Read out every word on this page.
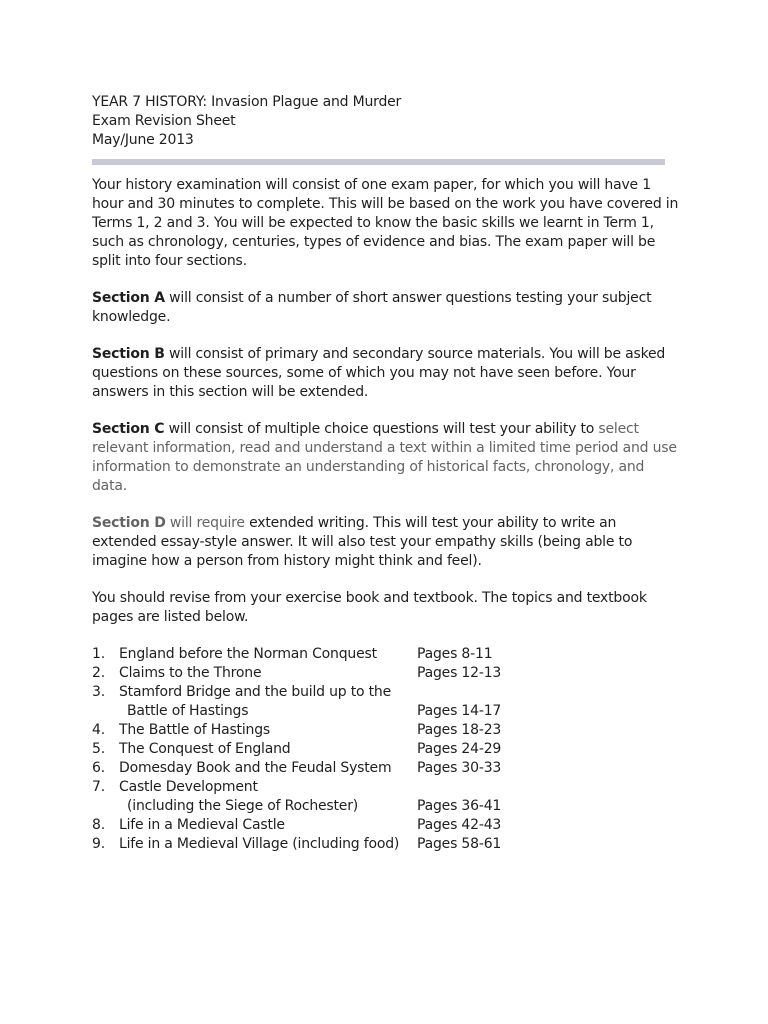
YEAR 7 HISTORY: Invasion Plague and Murder
Exam Revision Sheet
May/June 2013

Your history examination will consist of one exam paper, for which you will have 1 hour and 30 minutes to complete. This will be based on the work you have covered in Terms 1, 2 and 3. You will be expected to know the basic skills we learnt in Term 1, such as chronology, centuries, types of evidence and bias. The exam paper will be split into four sections.

Section A will consist of a number of short answer questions testing your subject knowledge.

Section B will consist of primary and secondary source materials. You will be asked questions on these sources, some of which you may not have seen before. Your answers in this section will be extended.

Section C will consist of multiple choice questions will test your ability to select relevant information, read and understand a text within a limited time period and use information to demonstrate an understanding of historical facts, chronology, and data.

Section D will require extended writing. This will test your ability to write an extended essay-style answer. It will also test your empathy skills (being able to imagine how a person from history might think and feel).

You should revise from your exercise book and textbook. The topics and textbook pages are listed below.

1. England before the Norman Conquest	Pages 8-11
2. Claims to the Throne	Pages 12-13
3. Stamford Bridge and the build up to the
Battle of Hastings	Pages 14-17
4. The Battle of Hastings	Pages 18-23
5. The Conquest of England	Pages 24-29
6. Domesday Book and the Feudal System Pages 30-33
7. Castle Development
(including the Siege of Rochester)	Pages 36-41
8. Life in a Medieval Castle	Pages 42-43
9. Life in a Medieval Village (including food) Pages 58-61
